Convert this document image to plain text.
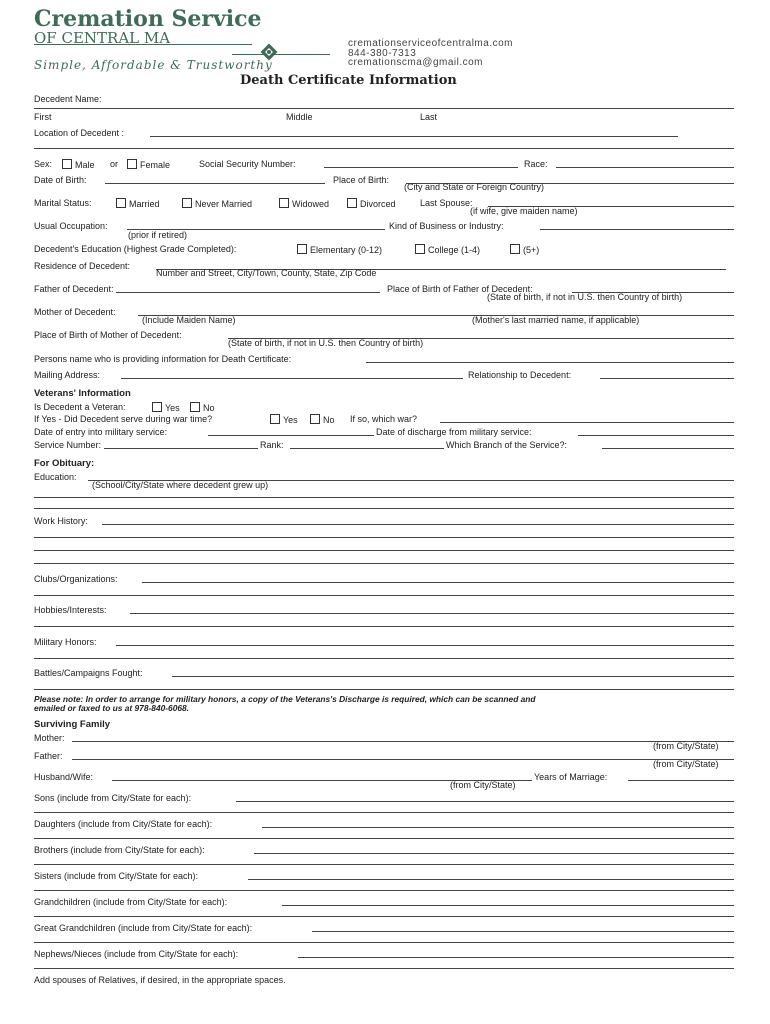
Cremation Service
OF CENTRAL MA
Simple, Affordable & Trustworthy
cremationserviceofcentralma.com
844-380-7313
cremationscma@gmail.com
Death Certificate Information
Decedent Name:
First	Middle	Last
Location of Decedent :
Sex:	Male or	Female	Social Security Number:	Race:
Date of Birth:	Place of Birth:
(City and State or Foreign Country)
Marital Status:	Married	Never Married	Widowed	Divorced	Last Spouse:
(if wife, give maiden name)
Usual Occupation:
(prior if retired)
Kind of Business or Industry:
Decedent's Education (Highest Grade Completed):	Elementary (0-12)	College (1-4)	(5+)
Residence of Decedent:
Number and Street, City/Town, County, State, Zip Code
Father of Decedent:	Place of Birth of Father of Decedent:
(State of birth, if not in U.S. then Country of birth)
Mother of Decedent:
(Include Maiden Name)	(Mother's last married name, if applicable)
Place of Birth of Mother of Decedent:
(State of birth, if not in U.S. then Country of birth)
Persons name who is providing information for Death Certificate:
Mailing Address:	Relationship to Decedent:
Veterans' Information
Is Decedent a Veteran:	Yes	No
If Yes - Did Decedent serve during war time?	Yes	No If so, which war?
Date of entry into military service:	Date of discharge from military service:
Service Number:	Rank:	Which Branch of the Service?:
For Obituary:
Education:
(School/City/State where decedent grew up)
Work History:
Clubs/Organizations:
Hobbies/Interests:
Military Honors:
Battles/Campaigns Fought:
Please note: In order to arrange for military honors, a copy of the Veterans's Discharge is required, which can be scanned and
emailed or faxed to us at 978-840-6068.
Surviving Family
Mother:
(from City/State)
Father:
(from City/State)
Husband/Wife:
(from City/State)
Years of Marriage:
Sons (include from City/State for each):
Daughters (include from City/State for each):
Brothers (include from City/State for each):
Sisters (include from City/State for each):
Grandchildren (include from City/State for each):
Great Grandchildren (include from City/State for each):
Nephews/Nieces (include from City/State for each):
Add spouses of Relatives, if desired, in the appropriate spaces.
